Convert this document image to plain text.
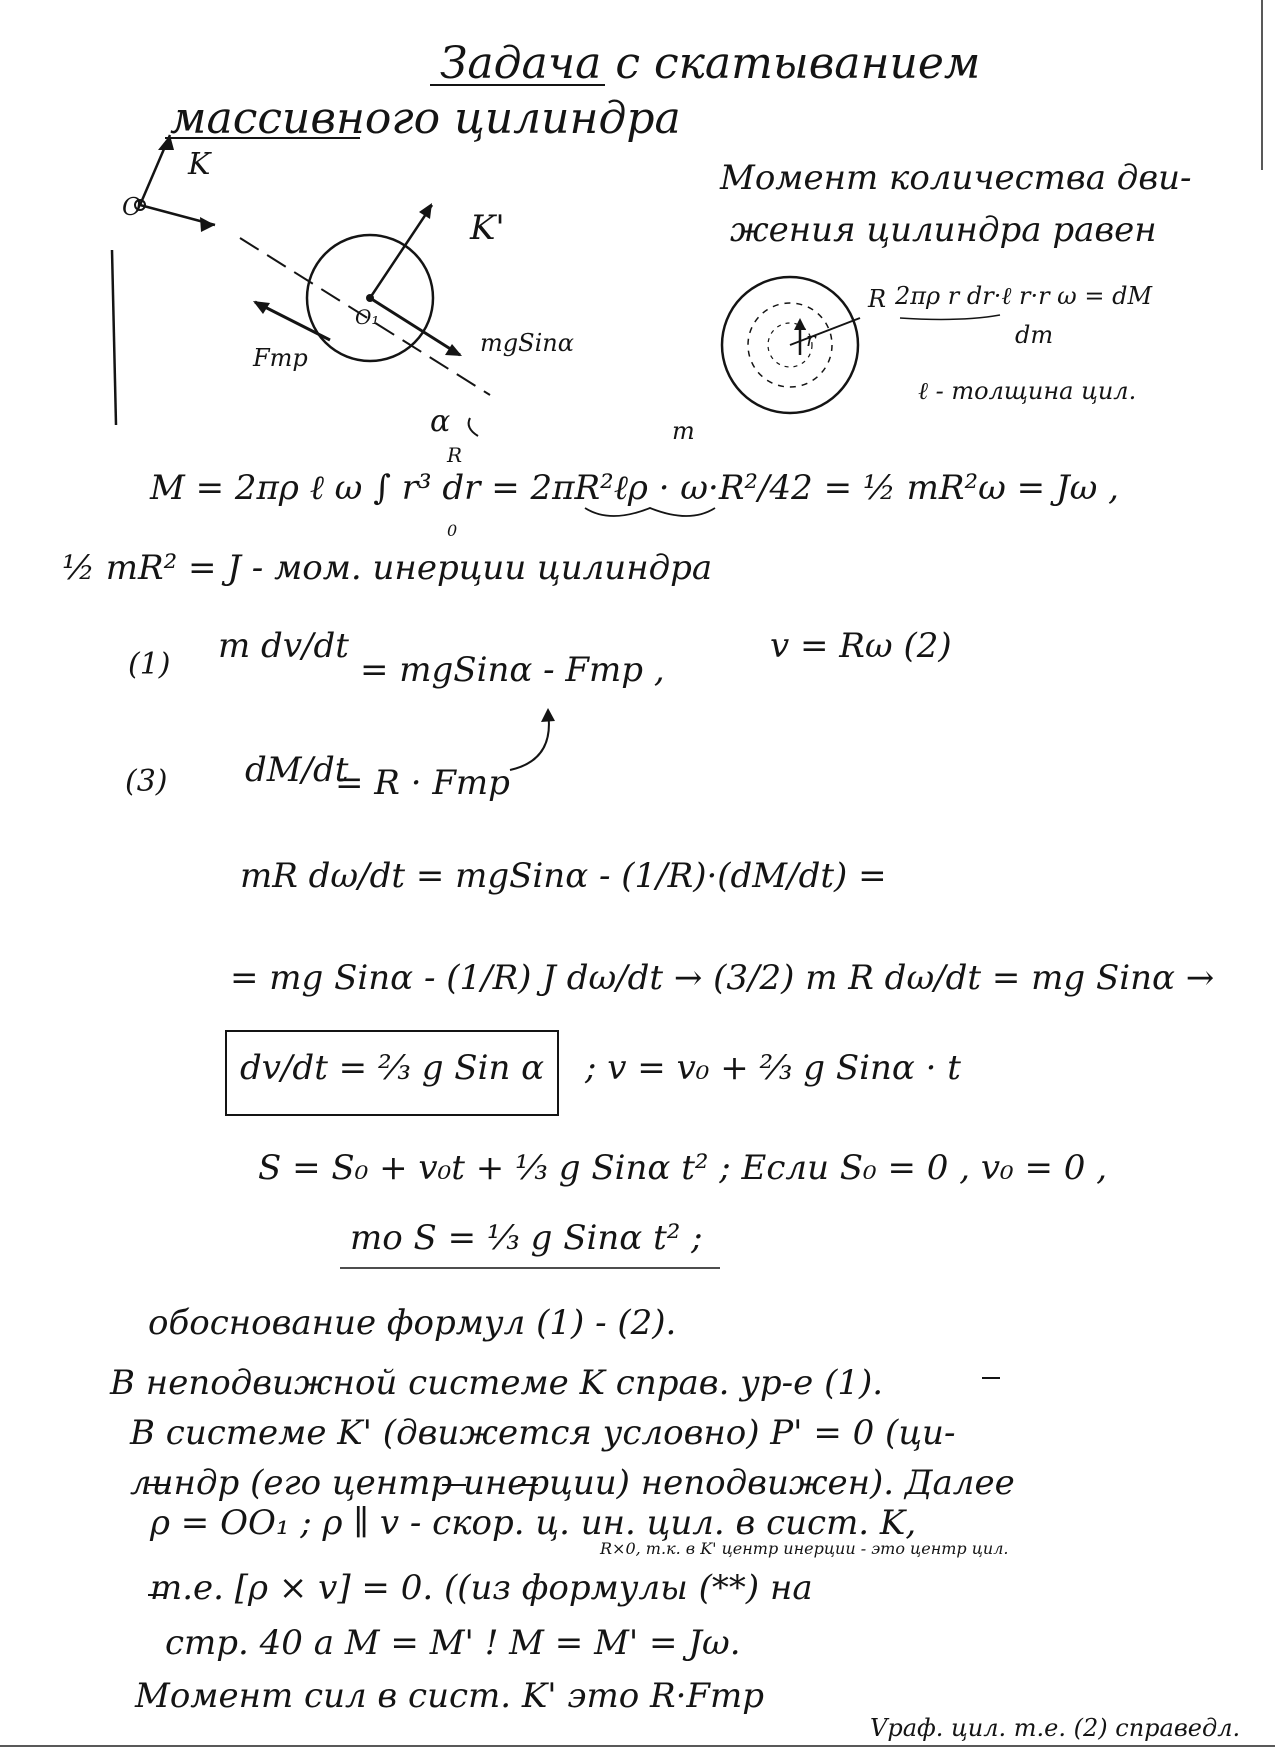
Задача с скатыванием
массивного цилиндра
K
O
K'
O₁
Fтр
mgSinα
α
Момент количества дви-
жения цилиндра равен
R
r
2πρ r dr·ℓ r·r ω = dM
dm
ℓ - толщина цил.
m
R
0
M = 2πρ ℓ ω ∫ r³ dr = 2πR²ℓρ · ω·R²/42 = ½ mR²ω = Jω ,
½ mR² = J - мом. инерции цилиндра
(1) m dv/dt
= mgSinα - Fтр ,
v = Rω (2)
(3) dM/dt
= R · Fтр
mR dω/dt = mgSinα - (1/R)·(dM/dt) =
= mg Sinα - (1/R) J dω/dt → (3/2) m R dω/dt = mg Sinα →
dv/dt = ⅔ g Sin α ; v = v₀ + ⅔ g Sinα · t
S = S₀ + v₀t + ⅓ g Sinα t² ; Если S₀ = 0 , v₀ = 0 ,
то S = ⅓ g Sinα t² ;
обоснование формул (1) - (2).
В неподвижной системе K справ. ур-е (1).
В системе K' (движется условно) P' = 0 (ци-
линдр (его центр инерции) неподвижен). Далее
ρ = OO₁ ; ρ ∥ v - скор. ц. ин. цил. в сист. K,
R×0, т.к. в K' центр инерции - это центр цил.
т.е. [ρ × v] = 0. ((из формулы (**) на
стр. 40 a M = M' ! M = M' = Jω.
Момент сил в сист. K' это R·Fтр
Vраф. цил. т.е. (2) справедл.
